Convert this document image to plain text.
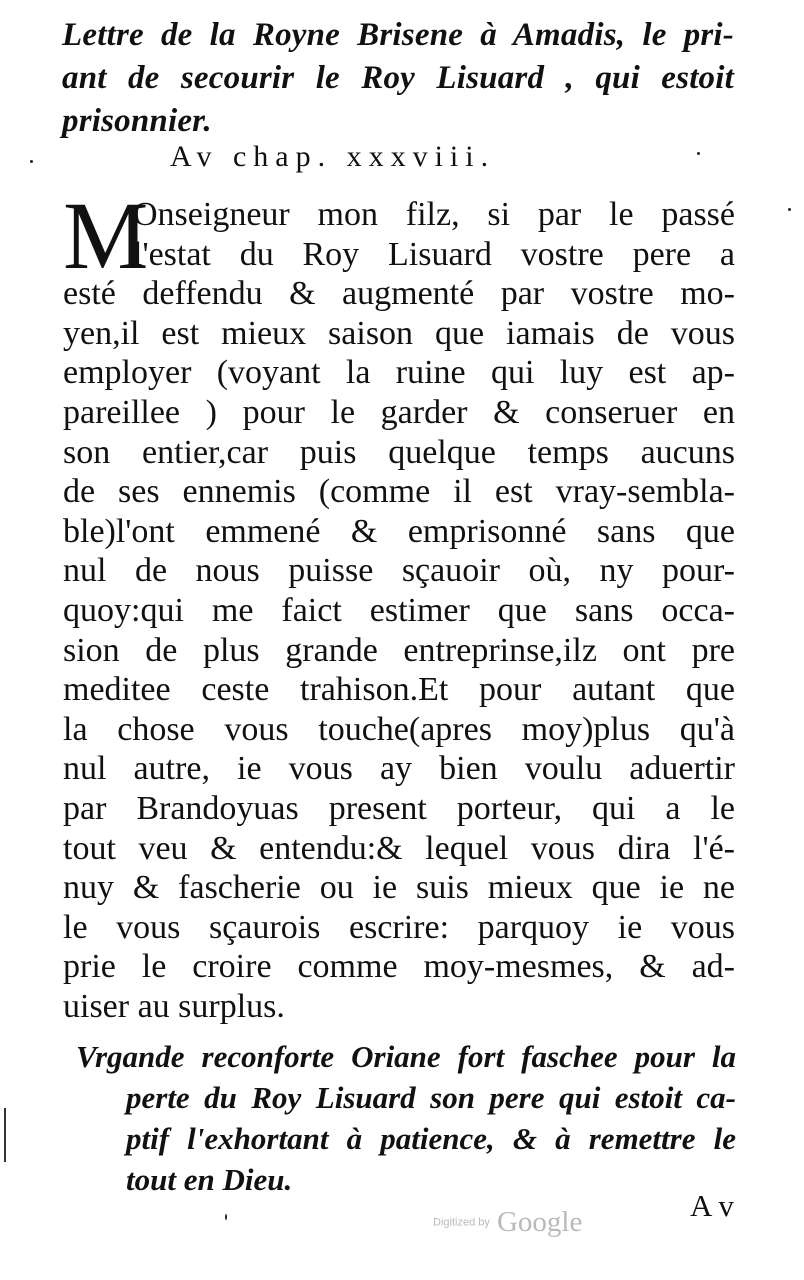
Lettre de la Royne Brisene à Amadis, le pri-
ant de secourir le Roy Lisuard , qui estoit
prisonnier.
Av chap. xxxviii.
M
Onseigneur mon filz, si par le passé
l'estat du Roy Lisuard vostre pere a
esté deffendu & augmenté par vostre mo-
yen,il est mieux saison que iamais de vous
employer (voyant la ruine qui luy est ap-
pareillee ) pour le garder & conseruer en
son entier,car puis quelque temps aucuns
de ses ennemis (comme il est vray-sembla-
ble)l'ont emmené & emprisonné sans que
nul de nous puisse sçauoir où, ny pour-
quoy:qui me faict estimer que sans occa-
sion de plus grande entreprinse,ilz ont pre
meditee ceste trahison.Et pour autant que
la chose vous touche(apres moy)plus qu'à
nul autre, ie vous ay bien voulu aduertir
par Brandoyuas present porteur, qui a le
tout veu & entendu:& lequel vous dira l'é-
nuy & fascherie ou ie suis mieux que ie ne
le vous sçaurois escrire: parquoy ie vous
prie le croire comme moy-mesmes, & ad-
uiser au surplus.
Vrgande reconforte Oriane fort faschee pour la
perte du Roy Lisuard son pere qui estoit ca-
ptif l'exhortant à patience, & à remettre le
tout en Dieu.
A v
Digitized by Google
